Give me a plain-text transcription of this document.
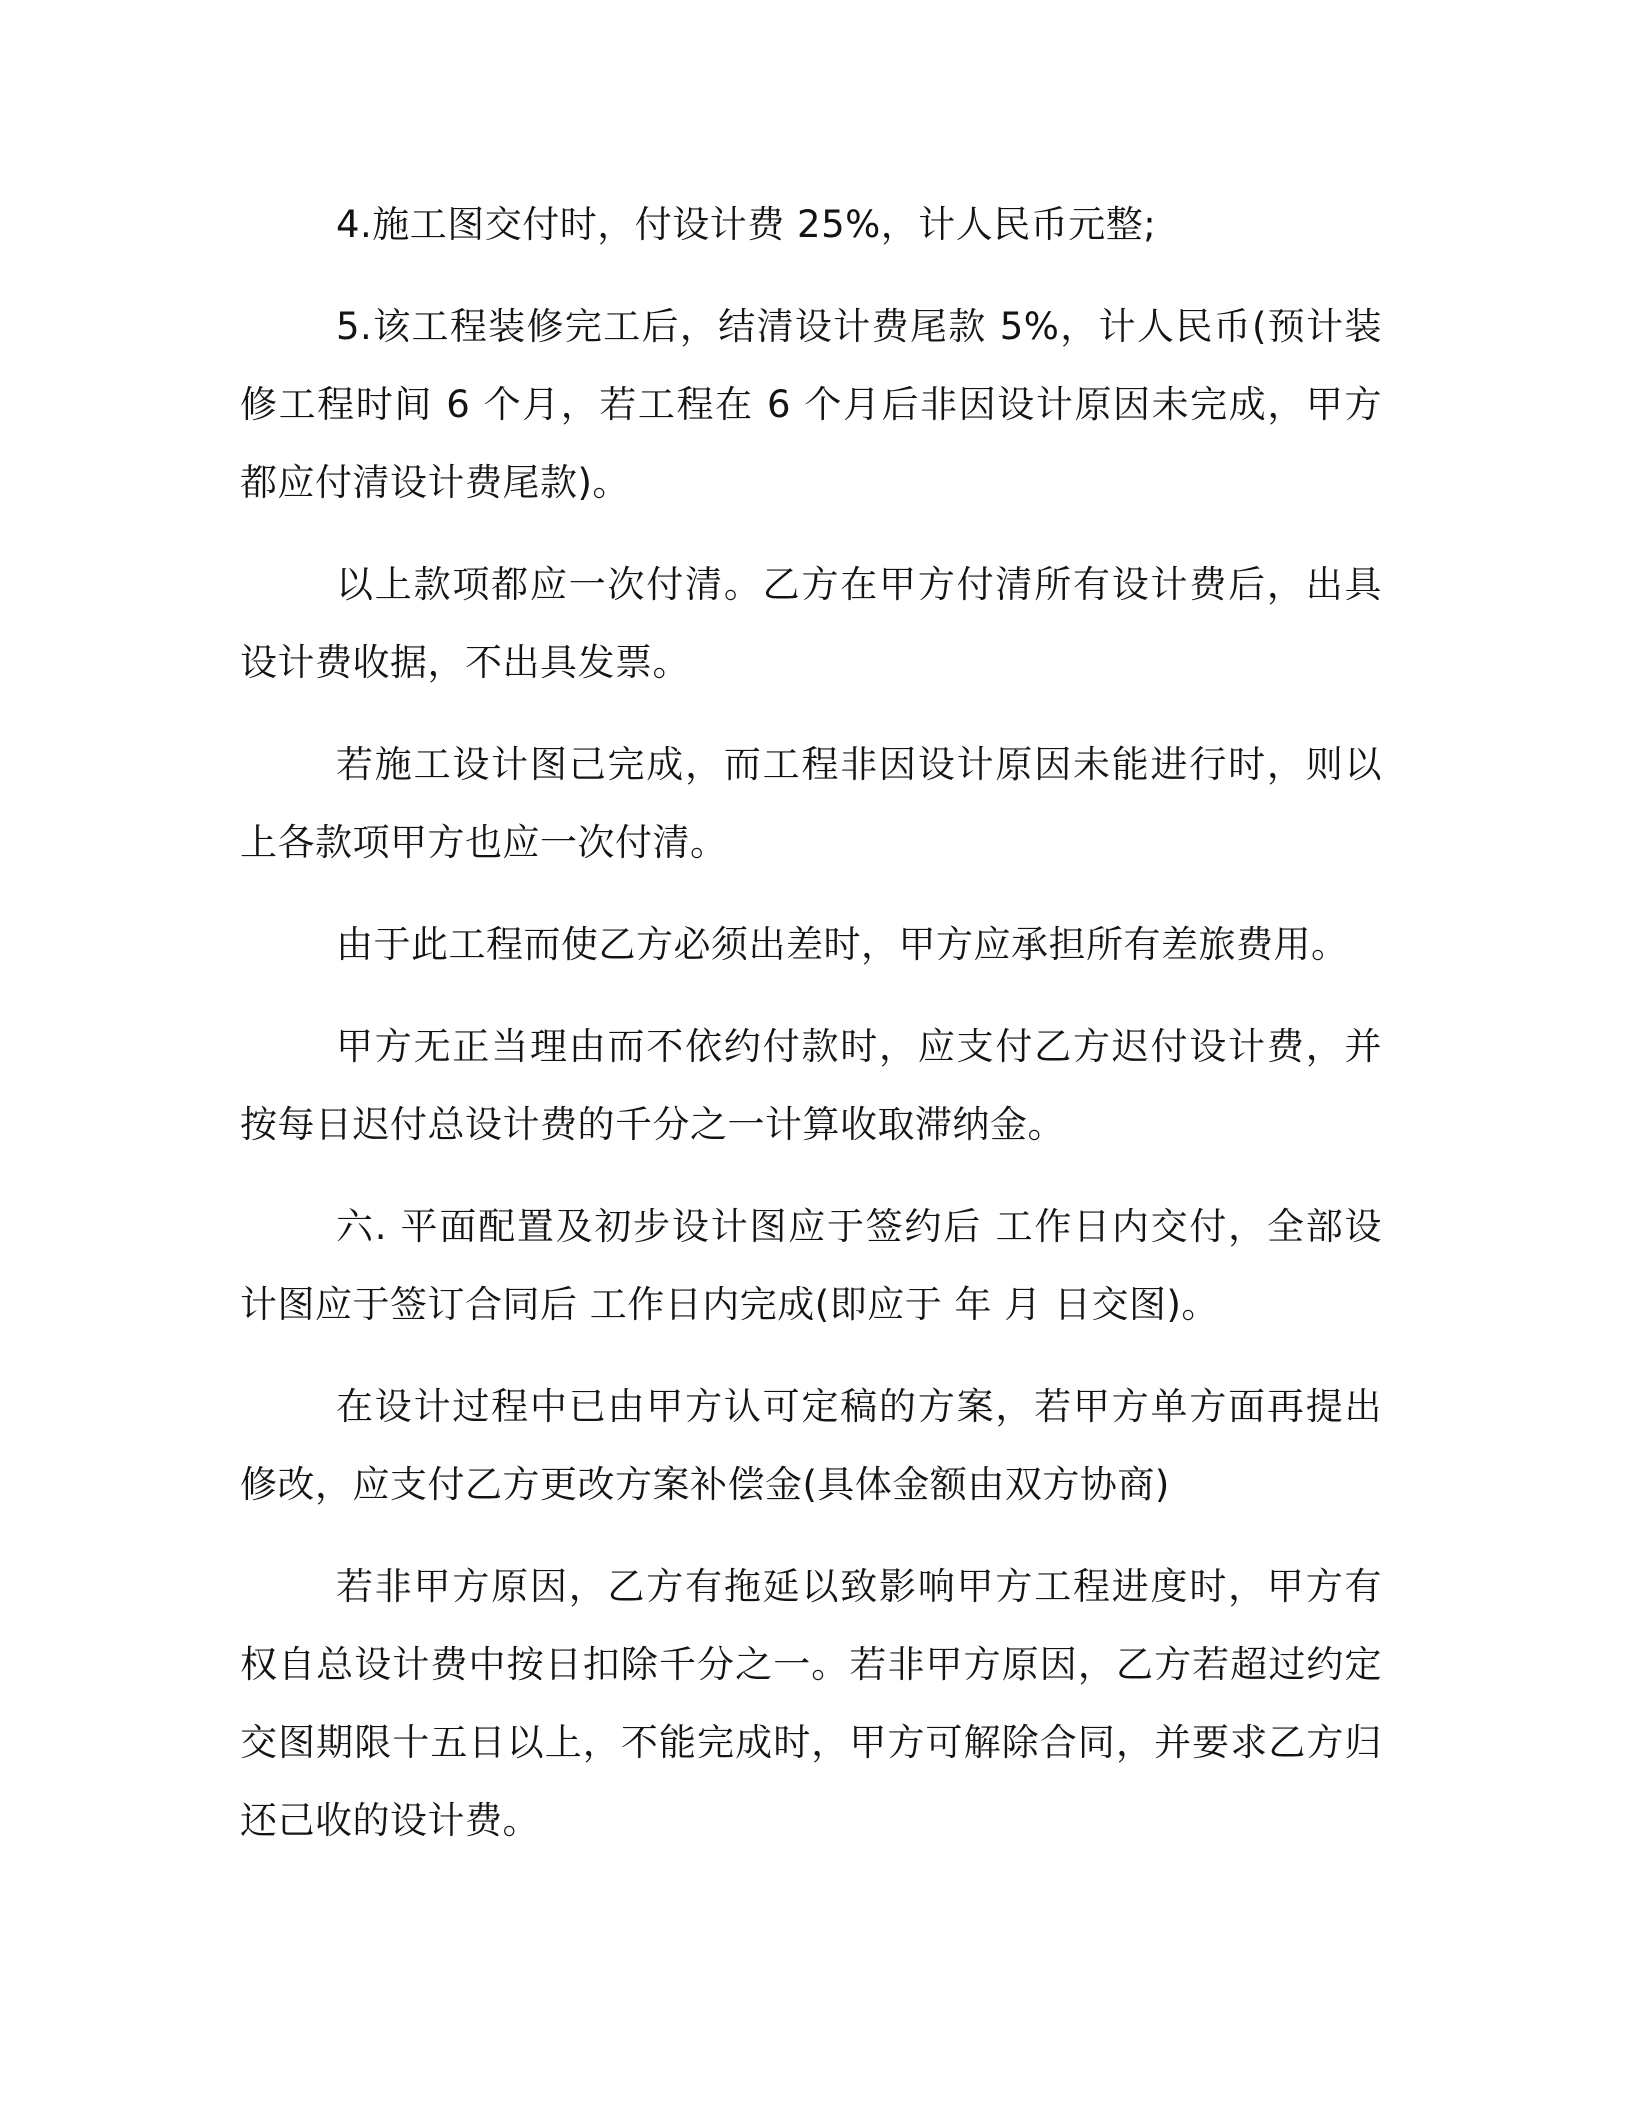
4.施工图交付时，付设计费 25%，计人民币元整;

5.该工程装修完工后，结清设计费尾款 5%，计人民币(预计装修工程时间 6 个月，若工程在 6 个月后非因设计原因未完成，甲方都应付清设计费尾款)。

以上款项都应一次付清。乙方在甲方付清所有设计费后，出具设计费收据，不出具发票。

若施工设计图己完成，而工程非因设计原因未能进行时，则以上各款项甲方也应一次付清。

由于此工程而使乙方必须出差时，甲方应承担所有差旅费用。

甲方无正当理由而不依约付款时，应支付乙方迟付设计费，并按每日迟付总设计费的千分之一计算收取滞纳金。

六. 平面配置及初步设计图应于签约后 工作日内交付，全部设计图应于签订合同后 工作日内完成(即应于 年 月 日交图)。

在设计过程中已由甲方认可定稿的方案，若甲方单方面再提出修改，应支付乙方更改方案补偿金(具体金额由双方协商)

若非甲方原因，乙方有拖延以致影响甲方工程进度时，甲方有权自总设计费中按日扣除千分之一。若非甲方原因，乙方若超过约定交图期限十五日以上，不能完成时，甲方可解除合同，并要求乙方归还己收的设计费。
